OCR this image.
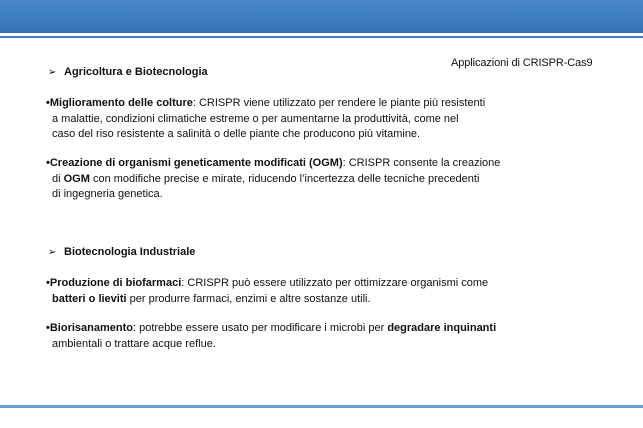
Applicazioni di CRISPR-Cas9
➢ Agricoltura e Biotecnologia
•Miglioramento delle colture: CRISPR viene utilizzato per rendere le piante più resistenti
a malattie, condizioni climatiche estreme o per aumentarne la produttività, come nel
caso del riso resistente a salinità o delle piante che producono più vitamine.
•Creazione di organismi geneticamente modificati (OGM): CRISPR consente la creazione
di OGM con modifiche precise e mirate, riducendo l’incertezza delle tecniche precedenti
di ingegneria genetica.
➢ Biotecnologia Industriale
•Produzione di biofarmaci: CRISPR può essere utilizzato per ottimizzare organismi come
batteri o lieviti per produrre farmaci, enzimi e altre sostanze utili.
•Biorisanamento: potrebbe essere usato per modificare i microbi per degradare inquinanti
ambientali o trattare acque reflue.
